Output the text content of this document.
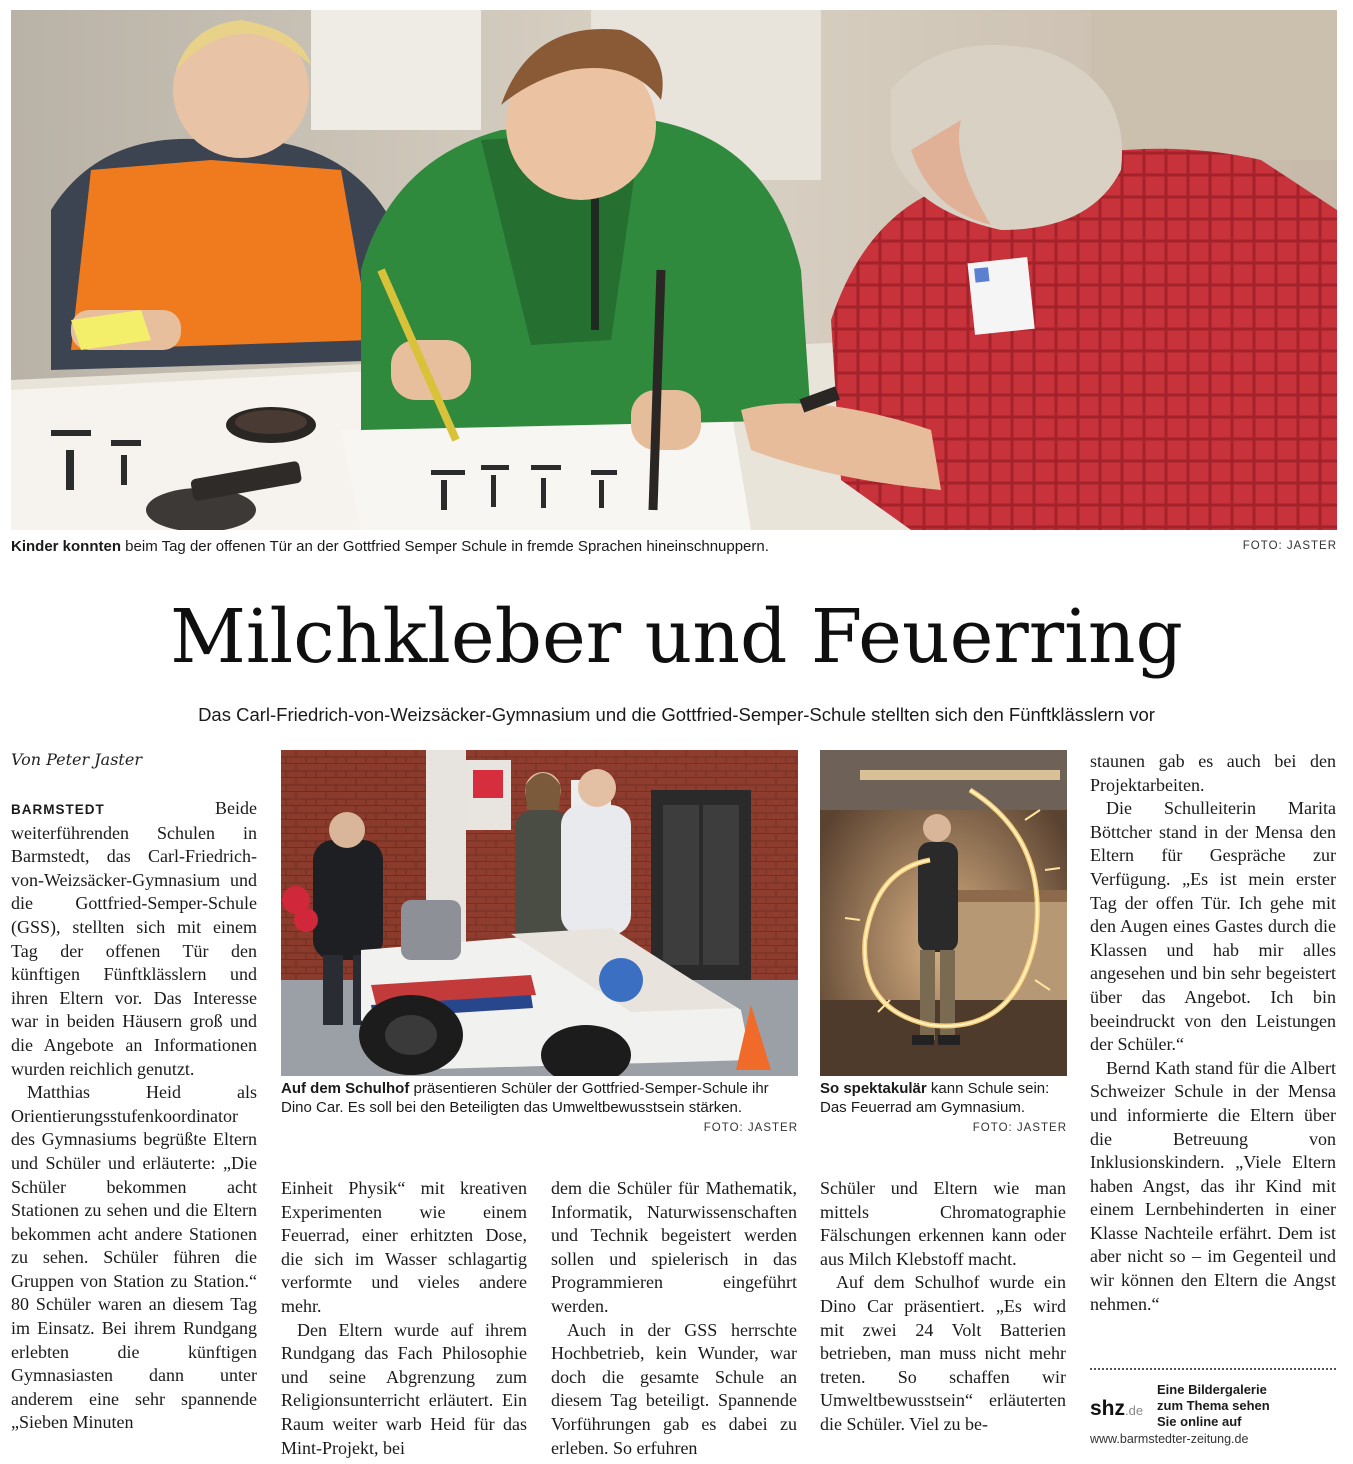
Kinder konnten beim Tag der offenen Tür an der Gottfried Semper Schule in fremde Sprachen hineinschnuppern.	FOTO: JASTER
Milchkleber und Feuerring
Das Carl-Friedrich-von-Weizsäcker-Gymnasium und die Gottfried-Semper-Schule stellten sich den Fünftklässlern vor
Von Peter Jaster

BARMSTEDT Beide weiterführenden Schulen in Barmstedt, das Carl-Friedrich-von-Weizsäcker-Gymnasium und die Gottfried-Semper-Schule (GSS), stellten sich mit einem Tag der offenen Tür den künftigen Fünftklässlern und ihren Eltern vor. Das Interesse war in beiden Häusern groß und die Angebote an Informationen wurden reichlich genutzt.

Matthias Heid als Orientierungsstufenkoordinator des Gymnasiums begrüßte Eltern und Schüler und erläuterte: „Die Schüler bekommen acht Stationen zu sehen und die Eltern bekommen acht andere Stationen zu sehen. Schüler führen die Gruppen von Station zu Station.“ 80 Schüler waren an diesem Tag im Einsatz. Bei ihrem Rundgang erlebten die künftigen Gymnasiasten dann unter anderem eine sehr spannende „Sieben Minuten

Auf dem Schulhof präsentieren Schüler der Gottfried-Semper-Schule ihr Dino Car. Es soll bei den Beteiligten das Umweltbewusstsein stärken.
FOTO: JASTER
So spektakulär kann Schule sein: Das Feuerrad am Gymnasium.
FOTO: JASTER

Einheit Physik“ mit kreativen Experimenten wie einem Feuerrad, einer erhitzten Dose, die sich im Wasser schlagartig verformte und vieles andere mehr.

Den Eltern wurde auf ihrem Rundgang das Fach Philosophie und seine Abgrenzung zum Religionsunterricht erläutert. Ein Raum weiter warb Heid für das Mint-Projekt, bei

dem die Schüler für Mathematik, Informatik, Naturwissenschaften und Technik begeistert werden sollen und spielerisch in das Programmieren eingeführt werden.

Auch in der GSS herrschte Hochbetrieb, kein Wunder, war doch die gesamte Schule an diesem Tag beteiligt. Spannende Vorführungen gab es dabei zu erleben. So erfuhren

Schüler und Eltern wie man mittels Chromatographie Fälschungen erkennen kann oder aus Milch Klebstoff macht.

Auf dem Schulhof wurde ein Dino Car präsentiert. „Es wird mit zwei 24 Volt Batterien betrieben, man muss nicht mehr treten. So schaffen wir Umweltbewusstsein“ erläuterten die Schüler. Viel zu be-

staunen gab es auch bei den Projektarbeiten.

Die Schulleiterin Marita Böttcher stand in der Mensa den Eltern für Gespräche zur Verfügung. „Es ist mein erster Tag der offen Tür. Ich gehe mit den Augen eines Gastes durch die Klassen und hab mir alles angesehen und bin sehr begeistert über das Angebot. Ich bin beeindruckt von den Leistungen der Schüler.“

Bernd Kath stand für die Albert Schweizer Schule in der Mensa und informierte die Eltern über die Betreuung von Inklusionskindern. „Viele Eltern haben Angst, das ihr Kind mit einem Lernbehinderten in einer Klasse Nachteile erfährt. Dem ist aber nicht so – im Gegenteil und wir können den Eltern die Angst nehmen.“

shz.de
Eine Bildergalerie
zum Thema sehen
Sie online auf
www.barmstedter-zeitung.de
